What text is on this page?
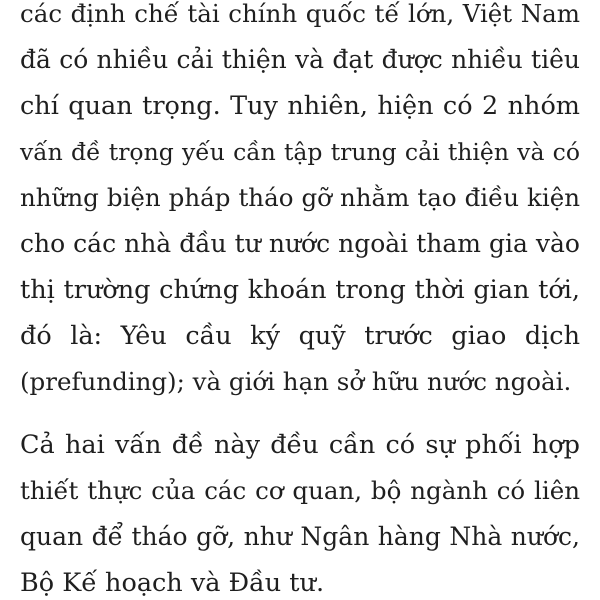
các định chế tài chính quốc tế lớn, Việt Nam
đã có nhiều cải thiện và đạt được nhiều tiêu
chí quan trọng. Tuy nhiên, hiện có 2 nhóm
vấn đề trọng yếu cần tập trung cải thiện và có
những biện pháp tháo gỡ nhằm tạo điều kiện
cho các nhà đầu tư nước ngoài tham gia vào
thị trường chứng khoán trong thời gian tới,
đó là: Yêu cầu ký quỹ trước giao dịch
(prefunding); và giới hạn sở hữu nước ngoài.
Cả hai vấn đề này đều cần có sự phối hợp
thiết thực của các cơ quan, bộ ngành có liên
quan để tháo gỡ, như Ngân hàng Nhà nước,
Bộ Kế hoạch và Đầu tư.
